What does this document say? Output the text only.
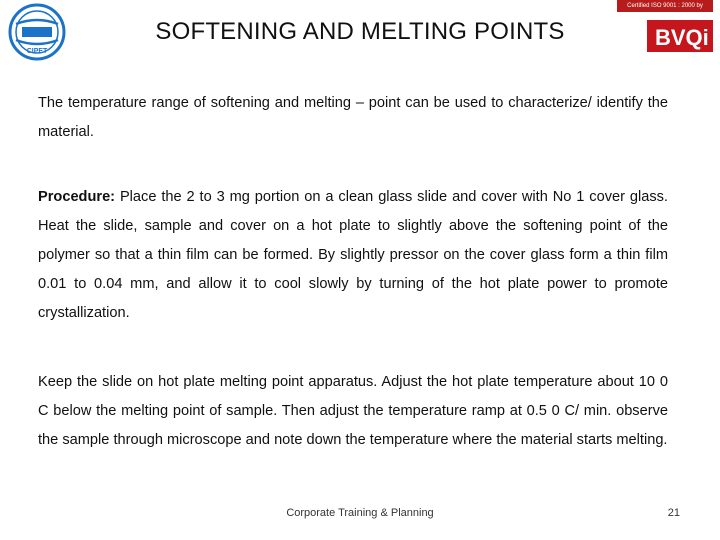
CIPET
SOFTENING AND MELTING POINTS
Certified ISO 9001 : 2000 by
BVQi

The temperature range of softening and melting – point can be used to characterize/ identify the material.

Procedure: Place the 2 to 3 mg portion on a clean glass slide and cover with No 1 cover glass. Heat the slide, sample and cover on a hot plate to slightly above the softening point of the polymer so that a thin film can be formed. By slightly pressor on the cover glass form a thin film 0.01 to 0.04 mm, and allow it to cool slowly by turning of the hot plate power to promote crystallization.

Keep the slide on hot plate melting point apparatus. Adjust the hot plate temperature about 10 0 C below the melting point of sample. Then adjust the temperature ramp at 0.5 0 C/ min. observe the sample through microscope and note down the temperature where the material starts melting.

Corporate Training & Planning	21
